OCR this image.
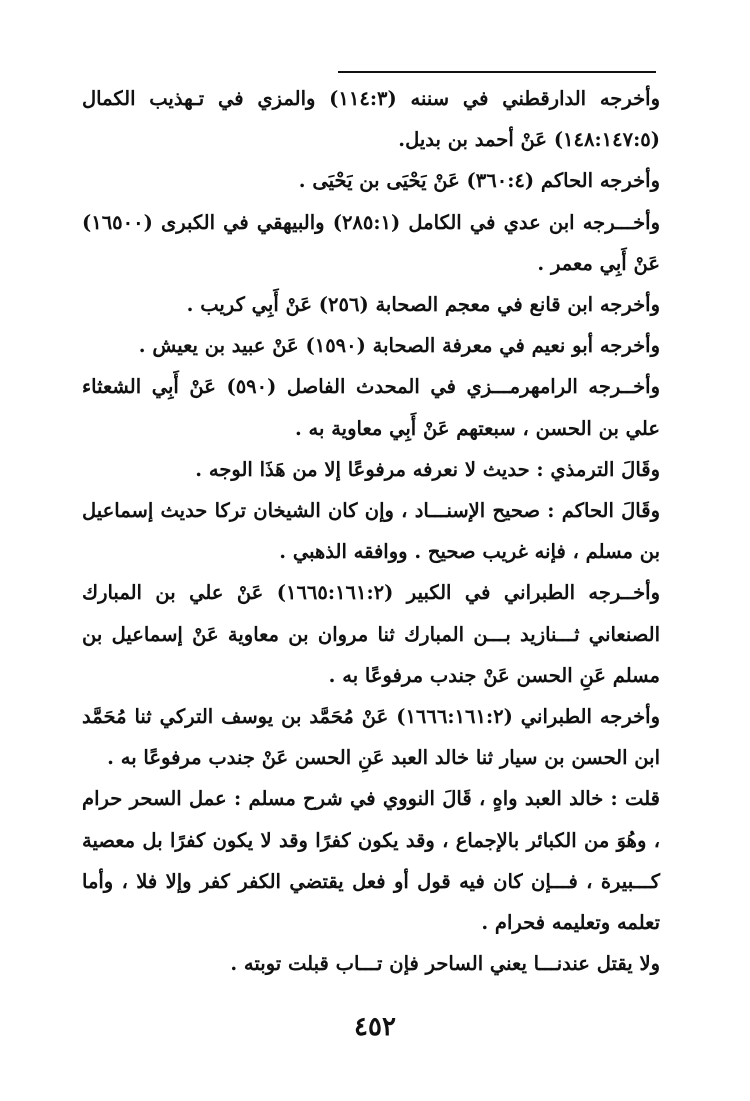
وأخرجه الدارقطني في سننه (١١٤:٣) والمزي في تـهذيب الكمال (١٤٨:١٤٧:٥) عَنْ أحمد بن بديل.
وأخرجه الحاكم (٣٦٠:٤) عَنْ يَحْيَى بن يَحْيَى .
وأخـــرجه ابن عدي في الكامل (٢٨٥:١) والبيهقي في الكبرى (١٦٥٠٠) عَنْ أَبِي معمر .
وأخرجه ابن قانع في معجم الصحابة (٢٥٦) عَنْ أَبِي كريب .
وأخرجه أبو نعيم في معرفة الصحابة (١٥٩٠) عَنْ عبيد بن يعيش .
وأخــرجه الرامهرمـــزي في المحدث الفاصل (٥٩٠) عَنْ أَبِي الشعثاء علي بن الحسن ، سبعتهم عَنْ أَبِي معاوية به .
وقَالَ الترمذي : حديث لا نعرفه مرفوعًا إلا من هَذَا الوجه .
وقَالَ الحاكم : صحيح الإسنـــاد ، وإن كان الشيخان تركا حديث إسماعيل بن مسلم ، فإنه غريب صحيح . ووافقه الذهبي .
وأخــرجه الطبراني في الكبير (١٦٦٥:١٦١:٢) عَنْ علي بن المبارك الصنعاني ثـــنازيد بـــن المبارك ثنا مروان بن معاوية عَنْ إسماعيل بن مسلم عَنِ الحسن عَنْ جندب مرفوعًا به .
وأخرجه الطبراني (١٦٦٦:١٦١:٢) عَنْ مُحَمَّد بن يوسف التركي ثنا مُحَمَّد ابن الحسن بن سيار ثنا خالد العبد عَنِ الحسن عَنْ جندب مرفوعًا به .
قلت : خالد العبد واهٍ ، قَالَ النووي في شرح مسلم : عمل السحر حرام ، وهُوَ من الكبائر بالإجماع ، وقد يكون كفرًا وقد لا يكون كفرًا بل معصية كـــبيرة ، فـــإن كان فيه قول أو فعل يقتضي الكفر كفر وإلا فلا ، وأما تعلمه وتعليمه فحرام .
ولا يقتل عندنـــا يعني الساحر فإن تـــاب قبلت توبته .
٤٥٢
